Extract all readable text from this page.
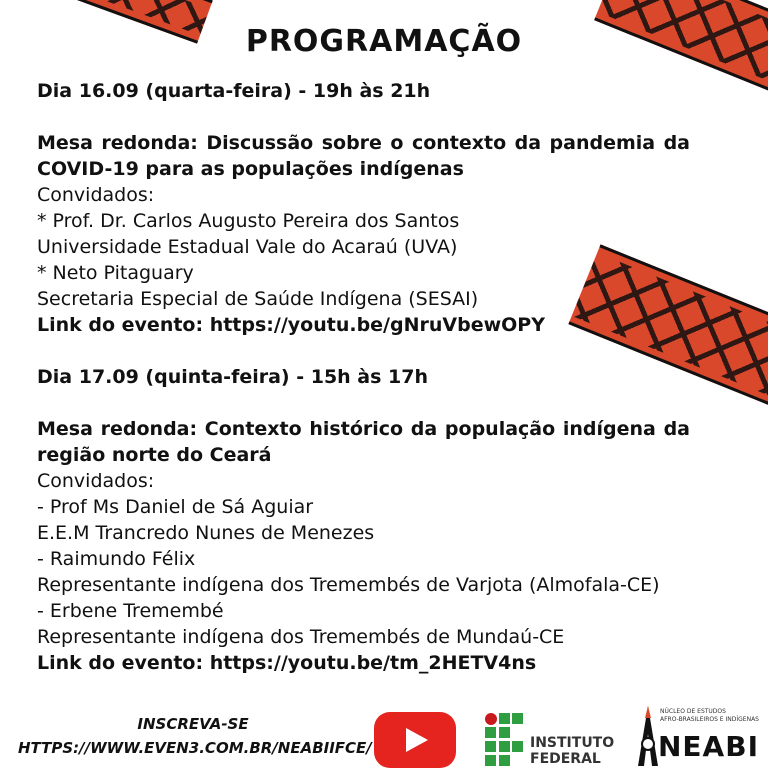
PROGRAMAÇÃO
Dia 16.09 (quarta-feira) - 19h às 21h
Mesa redonda: Discussão sobre o contexto da pandemia da COVID-19 para as populações indígenas
Convidados:
* Prof. Dr. Carlos Augusto Pereira dos Santos
Universidade Estadual Vale do Acaraú (UVA)
* Neto Pitaguary
Secretaria Especial de Saúde Indígena (SESAI)
Link do evento: https://youtu.be/gNruVbewOPY
Dia 17.09 (quinta-feira) - 15h às 17h
Mesa redonda: Contexto histórico da população indígena da região norte do Ceará
Convidados:
- Prof Ms Daniel de Sá Aguiar
E.E.M Trancredo Nunes de Menezes
- Raimundo Félix
Representante indígena dos Tremembés de Varjota (Almofala-CE)
- Erbene Tremembé
Representante indígena dos Tremembés de Mundaú-CE
Link do evento: https://youtu.be/tm_2HETV4ns
INSCREVA-SE
HTTPS://WWW.EVEN3.COM.BR/NEABIIFCE/	INSTITUTO
FEDERAL
NÚCLEO DE ESTUDOS
AFRO-BRASILEIROS E INDÍGENAS
NEABI
